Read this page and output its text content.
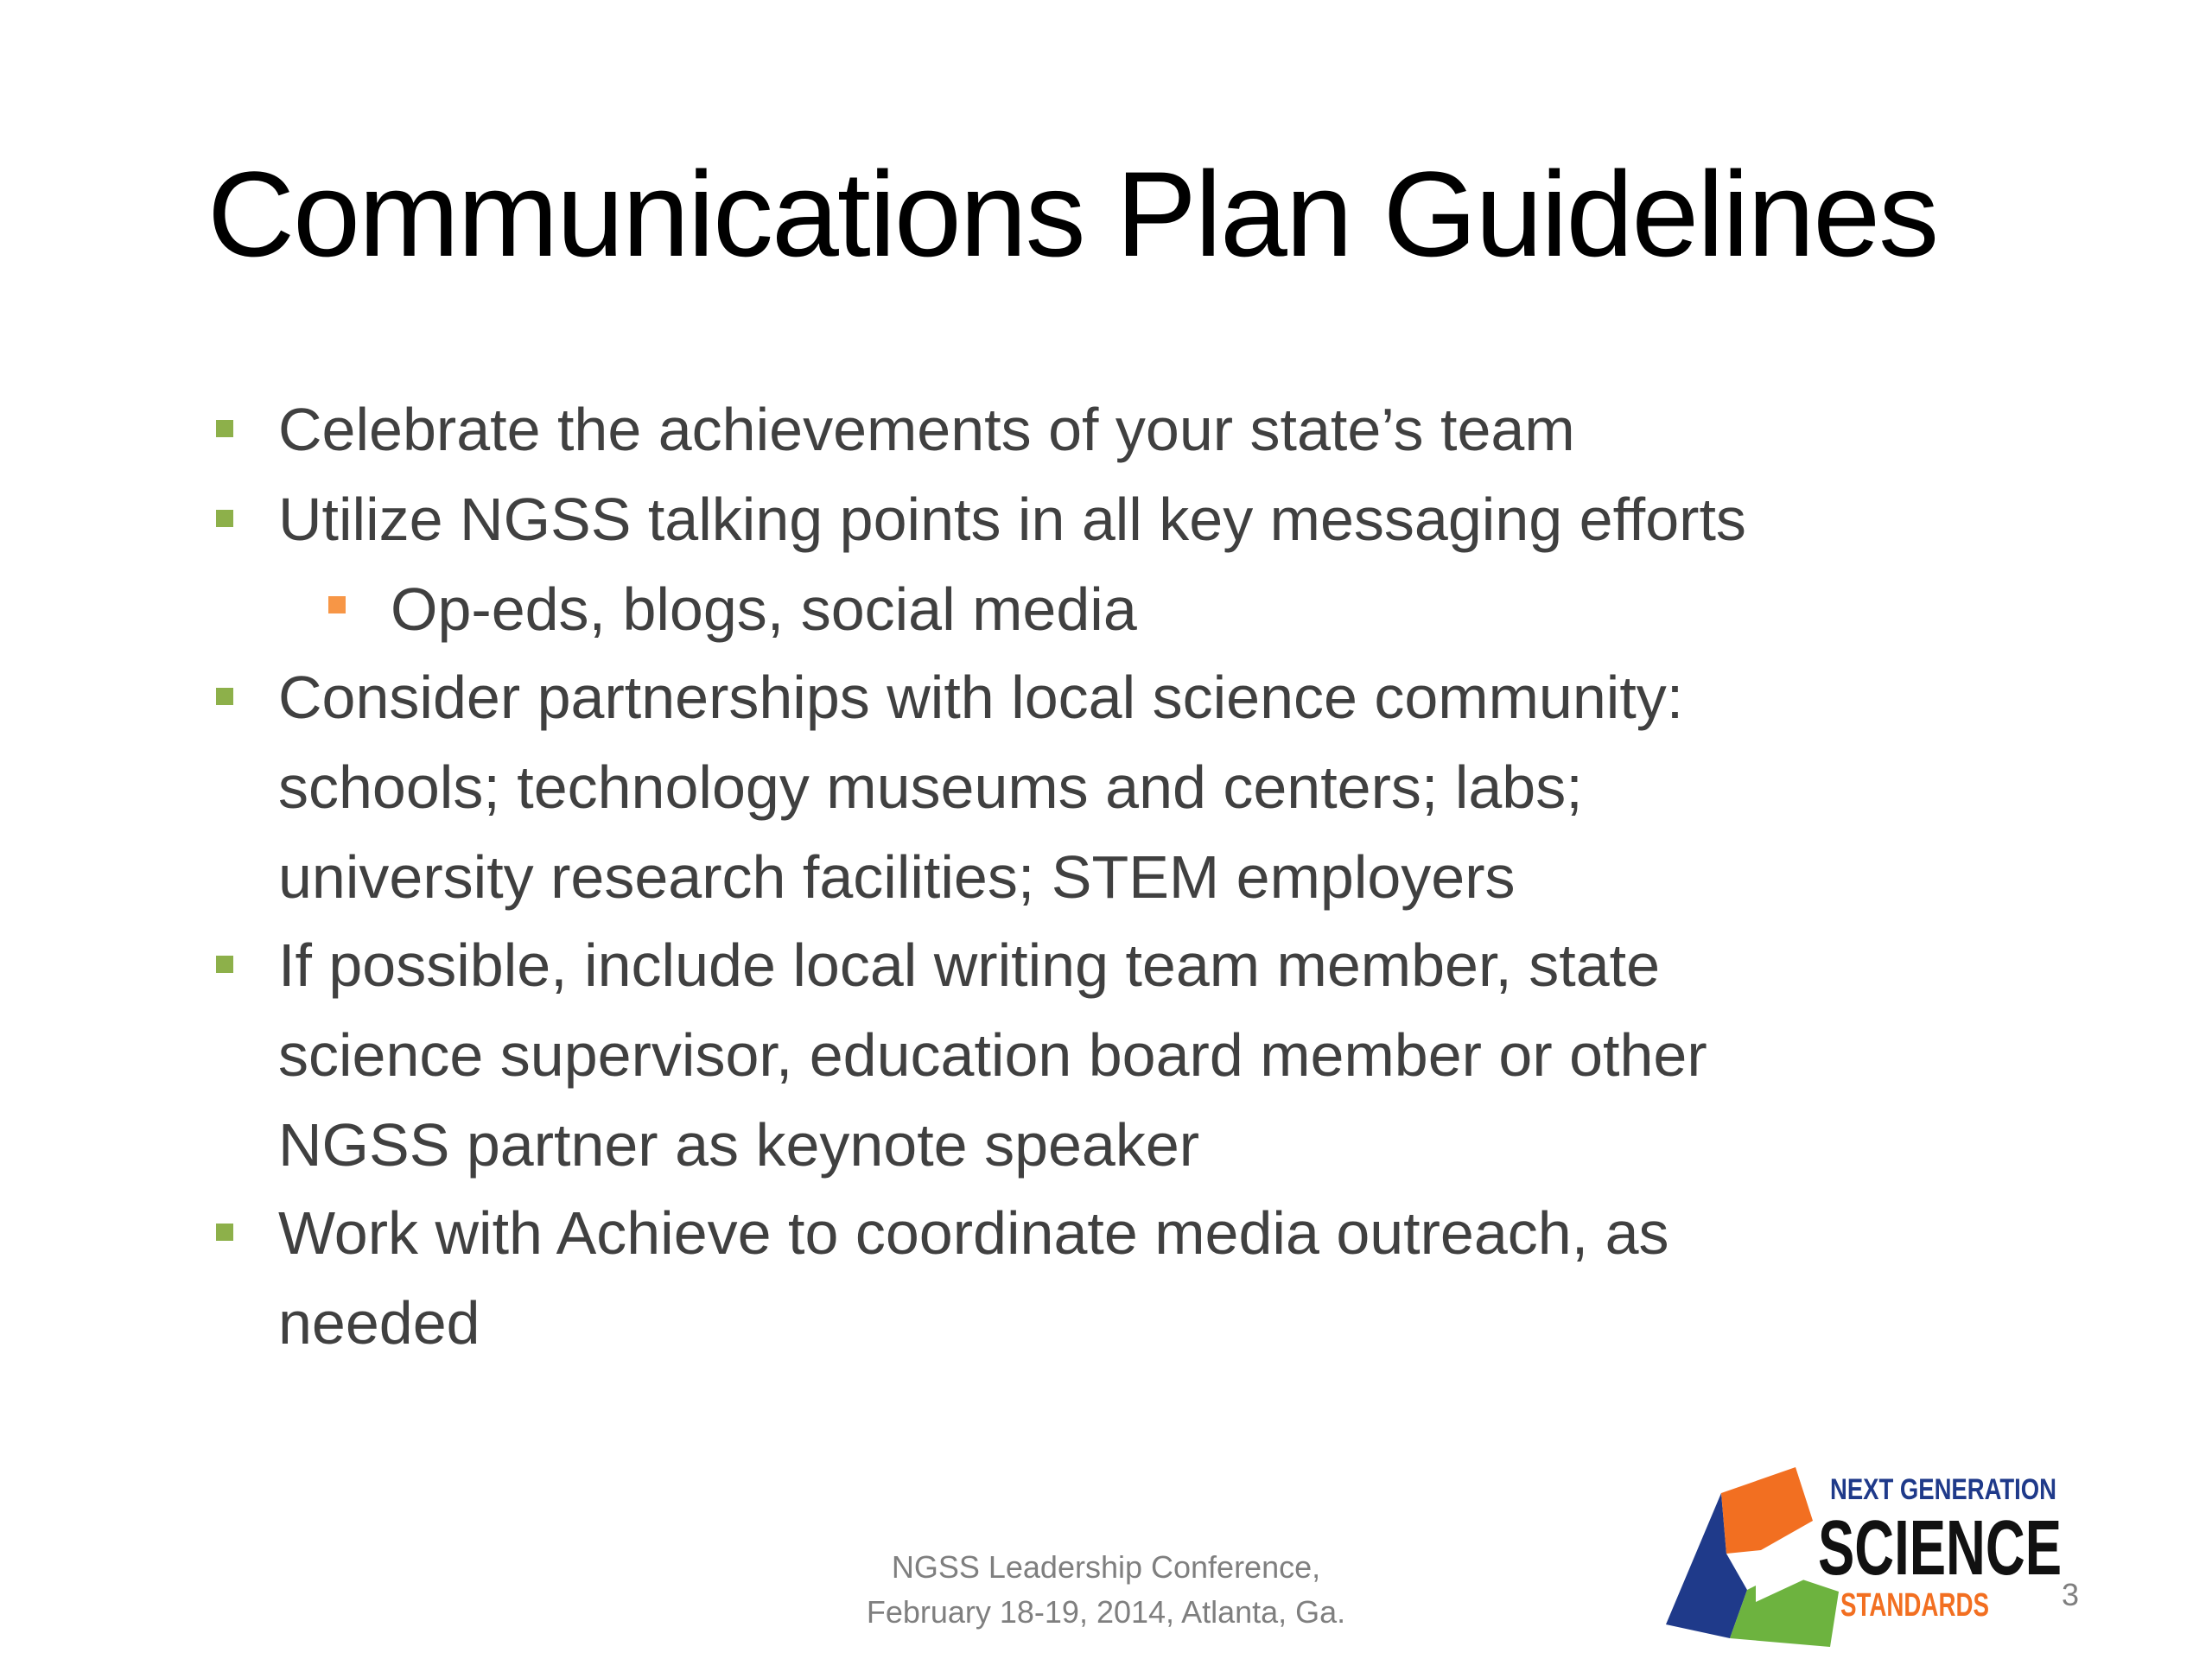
Communications Plan Guidelines
Celebrate the achievements of your state’s team
Utilize NGSS talking points in all key messaging efforts
Op-eds, blogs, social media
Consider partnerships with local science community:
schools; technology museums and centers; labs;
university research facilities; STEM employers
If possible, include local writing team member, state
science supervisor, education board member or other
NGSS partner as keynote speaker
Work with Achieve to coordinate media outreach, as
needed
NGSS Leadership Conference,
February 18-19, 2014, Atlanta, Ga.
NEXT GENERATION
SCIENCE
STANDARDS 3
